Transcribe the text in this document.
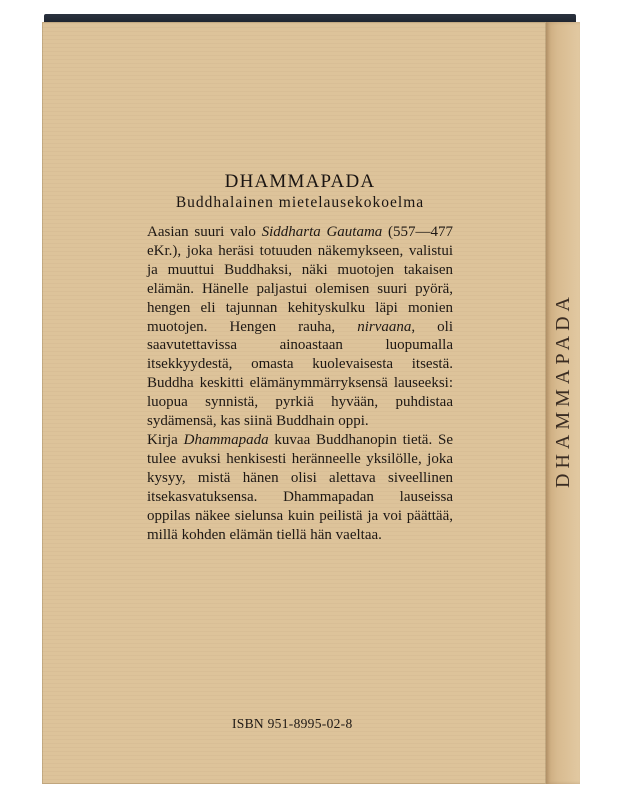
DHAMMAPADA
DHAMMAPADA
Buddhalainen mietelausekokoelma

Aasian suuri valo Siddharta Gautama (557—477 eKr.), joka heräsi totuuden näkemykseen, valistui ja muuttui Buddhaksi, näki muotojen takaisen elämän. Hänelle paljastui olemisen suuri pyörä, hengen eli tajunnan kehityskulku läpi monien muotojen. Hengen rauha, nirvaana, oli saavutettavissa ainoastaan luopumalla itsekkyydestä, omasta kuolevaisesta itsestä. Buddha keskitti elämänymmärryksensä lauseeksi: luopua synnistä, pyrkiä hyvään, puhdistaa sydämensä, kas siinä Buddhain oppi.

Kirja Dhammapada kuvaa Buddhanopin tietä. Se tulee avuksi henkisesti heränneelle yksilölle, joka kysyy, mistä hänen olisi alettava siveellinen itsekasvatuksensa. Dhammapadan lauseissa oppilas näkee sielunsa kuin peilistä ja voi päättää, millä kohden elämän tiellä hän vaeltaa.

ISBN 951-8995-02-8
